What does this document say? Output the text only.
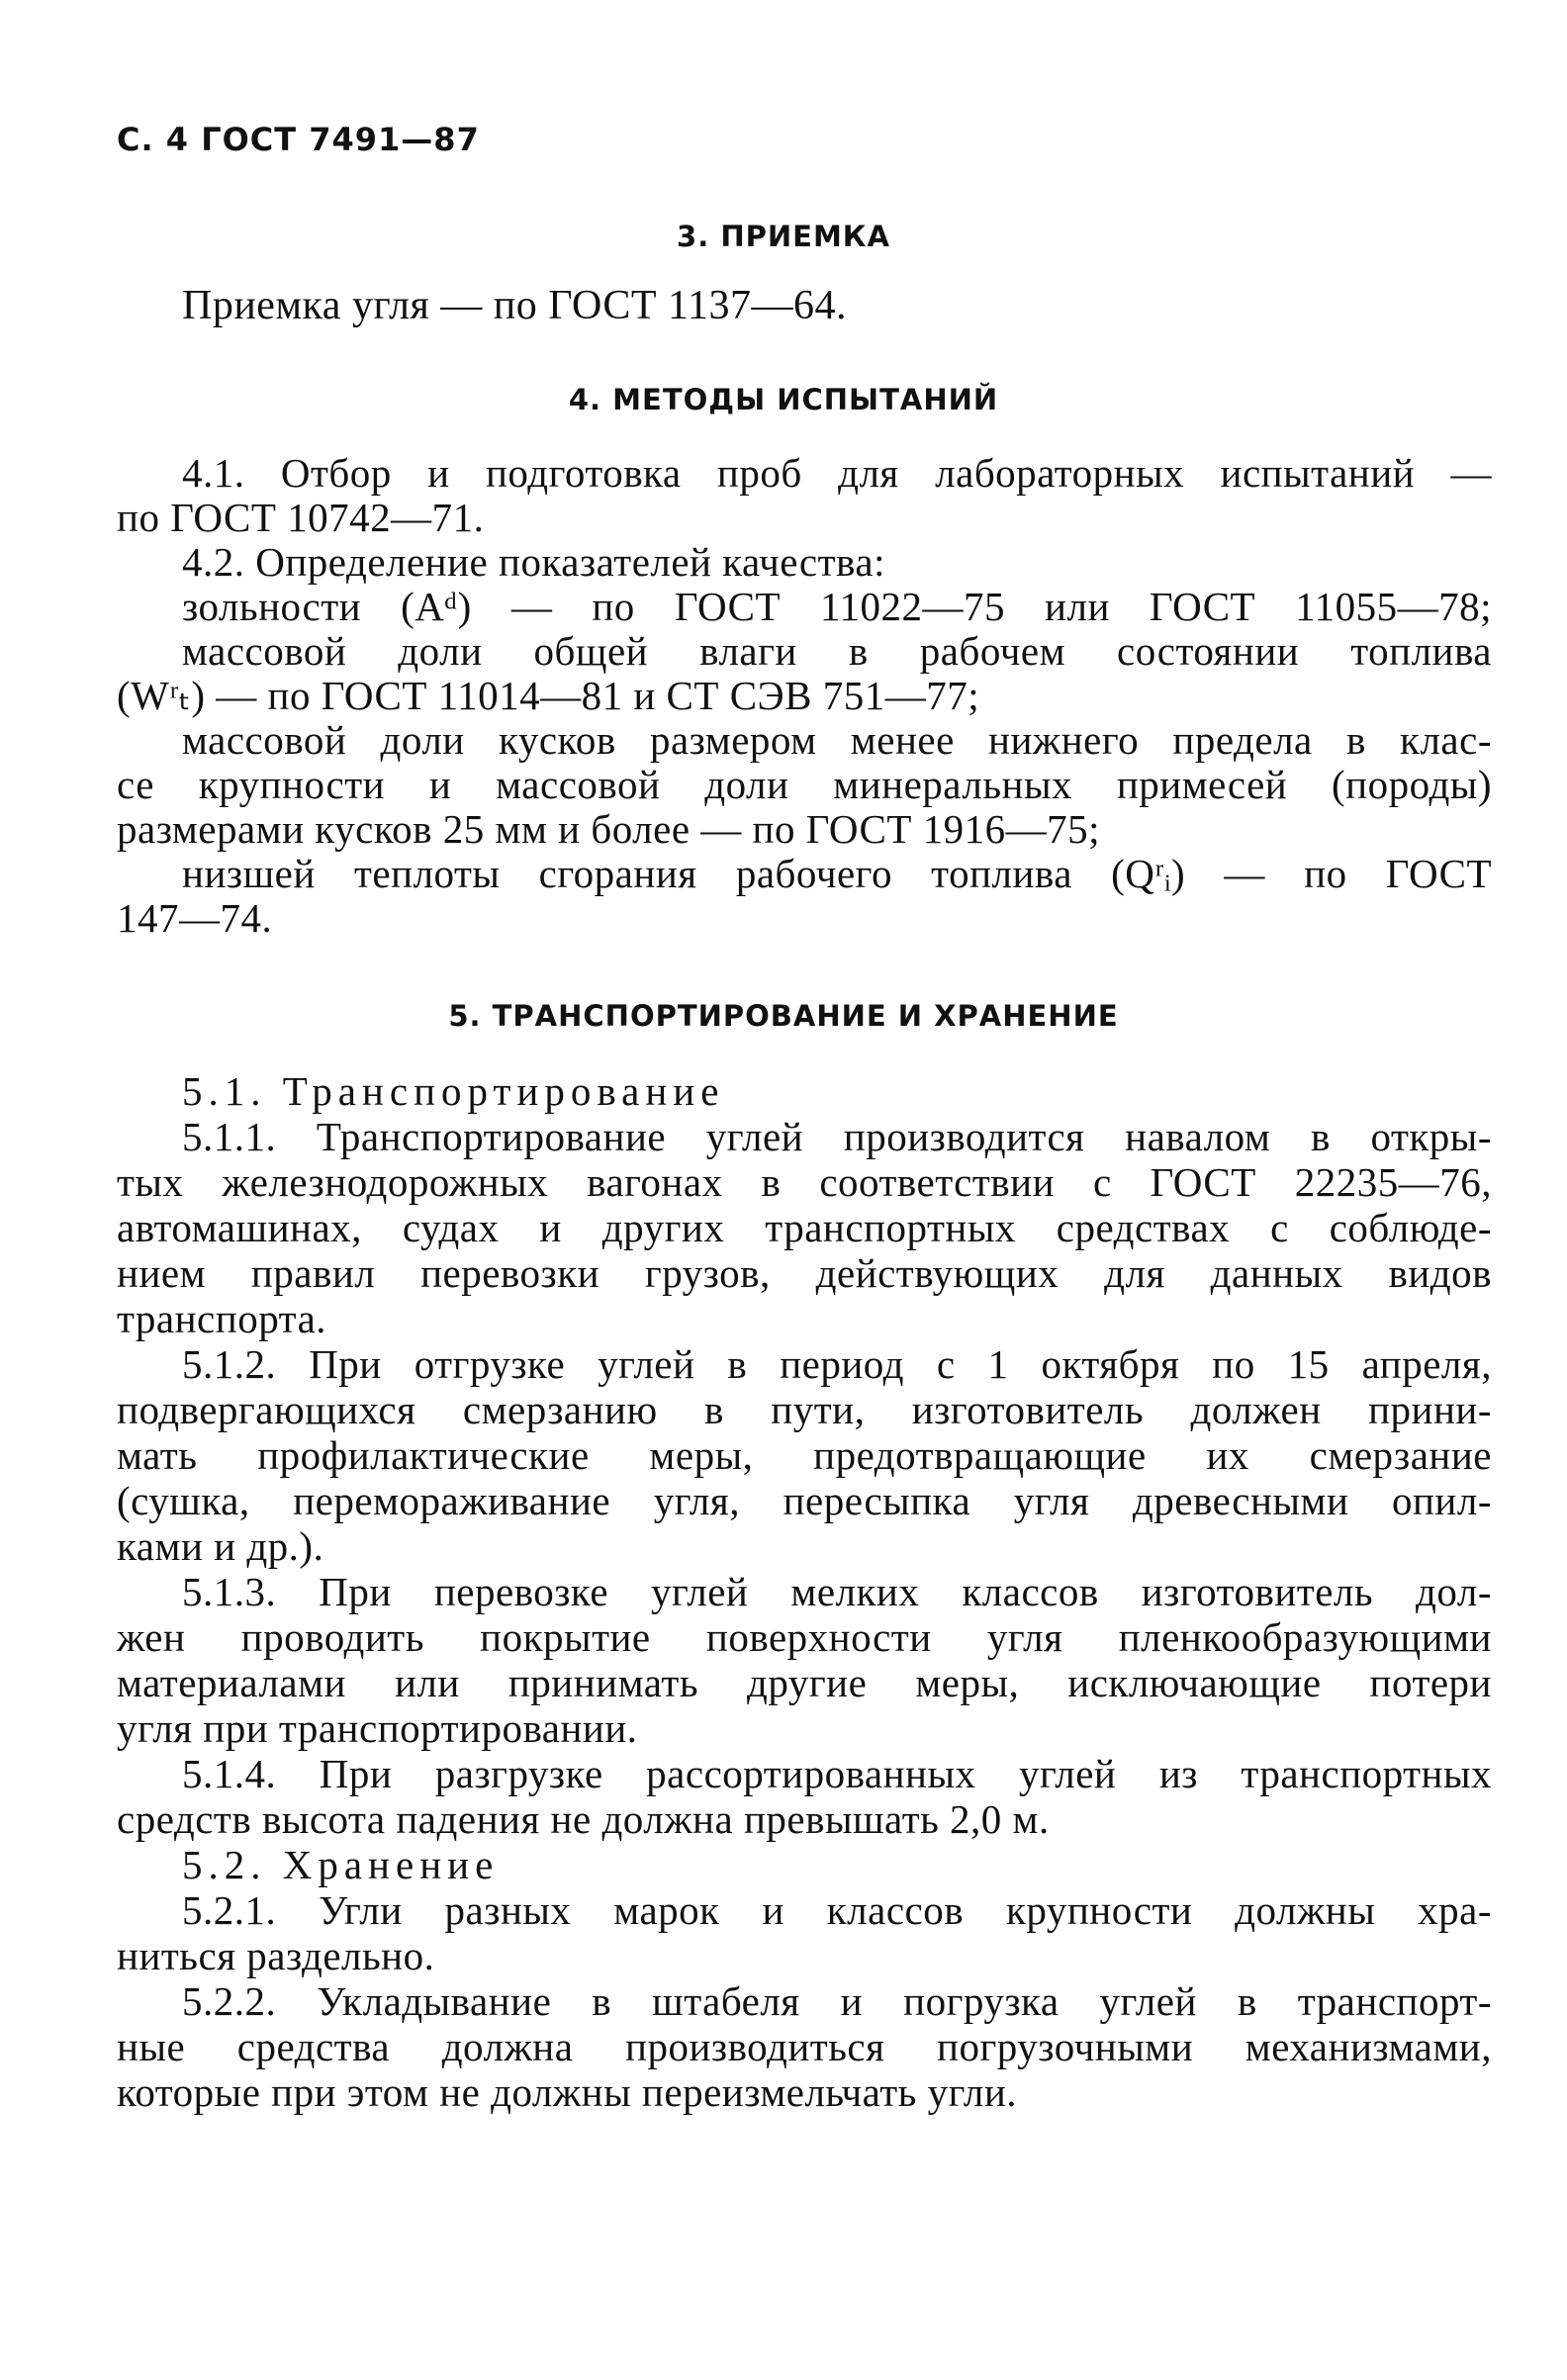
С. 4 ГОСТ 7491—87
3. ПРИЕМКА
Приемка угля — по ГОСТ 1137—64.
4. МЕТОДЫ ИСПЫТАНИЙ
4.1. Отбор и подготовка проб для лабораторных испытаний —
по ГОСТ 10742—71.
4.2. Определение показателей качества:
зольности (Aᵈ) — по ГОСТ 11022—75 или ГОСТ 11055—78;
массовой доли общей влаги в рабочем состоянии топлива
(Wʳₜ) — по ГОСТ 11014—81 и СТ СЭВ 751—77;
массовой доли кусков размером менее нижнего предела в клас-
се крупности и массовой доли минеральных примесей (породы)
размерами кусков 25 мм и более — по ГОСТ 1916—75;
низшей теплоты сгорания рабочего топлива (Qʳᵢ) — по ГОСТ
147—74.
5. ТРАНСПОРТИРОВАНИЕ И ХРАНЕНИЕ
5.1. Транспортирование
5.1.1. Транспортирование углей производится навалом в откры-
тых железнодорожных вагонах в соответствии с ГОСТ 22235—76,
автомашинах, судах и других транспортных средствах с соблюде-
нием правил перевозки грузов, действующих для данных видов
транспорта.
5.1.2. При отгрузке углей в период с 1 октября по 15 апреля,
подвергающихся смерзанию в пути, изготовитель должен прини-
мать профилактические меры, предотвращающие их смерзание
(сушка, перемораживание угля, пересыпка угля древесными опил-
ками и др.).
5.1.3. При перевозке углей мелких классов изготовитель дол-
жен проводить покрытие поверхности угля пленкообразующими
материалами или принимать другие меры, исключающие потери
угля при транспортировании.
5.1.4. При разгрузке рассортированных углей из транспортных
средств высота падения не должна превышать 2,0 м.
5.2. Хранение
5.2.1. Угли разных марок и классов крупности должны хра-
ниться раздельно.
5.2.2. Укладывание в штабеля и погрузка углей в транспорт-
ные средства должна производиться погрузочными механизмами,
которые при этом не должны переизмельчать угли.
